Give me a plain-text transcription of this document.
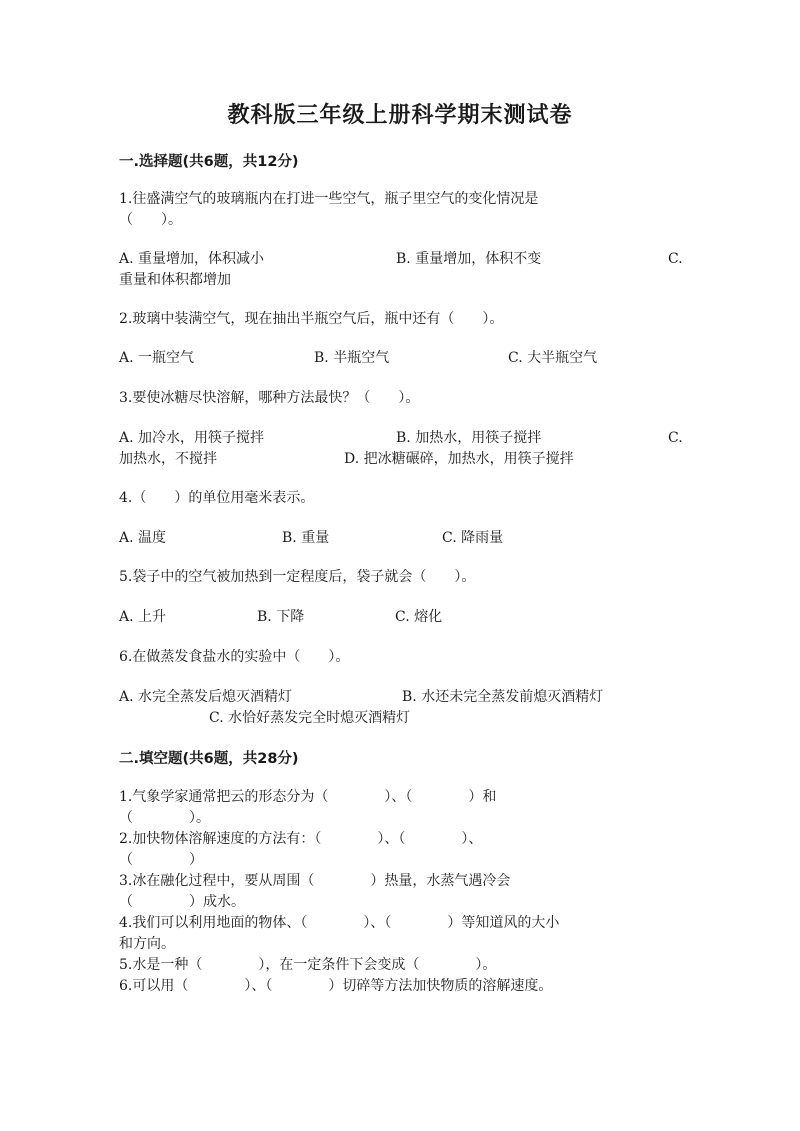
教科版三年级上册科学期末测试卷
一.选择题(共6题，共12分)
1.往盛满空气的玻璃瓶内在打进一些空气，瓶子里空气的变化情况是
（　　）。
A. 重量增加，体积减小	B. 重量增加，体积不变	C.
重量和体积都增加
2.玻璃中装满空气，现在抽出半瓶空气后，瓶中还有（　　）。
A. 一瓶空气	B. 半瓶空气	C. 大半瓶空气
3.要使冰糖尽快溶解，哪种方法最快？（　　）。
A. 加冷水，用筷子搅拌	B. 加热水，用筷子搅拌	C.
加热水，不搅拌	D. 把冰糖碾碎，加热水，用筷子搅拌
4.（　　）的单位用毫米表示。
A. 温度	B. 重量	C. 降雨量
5.袋子中的空气被加热到一定程度后，袋子就会（　　）。
A. 上升	B. 下降	C. 熔化
6.在做蒸发食盐水的实验中（　　）。
A. 水完全蒸发后熄灭酒精灯	B. 水还未完全蒸发前熄灭酒精灯
C. 水恰好蒸发完全时熄灭酒精灯
二.填空题(共6题，共28分)
1.气象学家通常把云的形态分为（　　　　）、（　　　　）和
（　　　　）。
2.加快物体溶解速度的方法有：（　　　　）、（　　　　）、
（　　　　）
3.冰在融化过程中，要从周围（　　　　）热量，水蒸气遇冷会
（　　　　）成水。
4.我们可以利用地面的物体、（　　　　）、（　　　　）等知道风的大小
和方向。
5.水是一种（　　　　），在一定条件下会变成（　　　　）。
6.可以用（　　　　）、（　　　　）切碎等方法加快物质的溶解速度。
